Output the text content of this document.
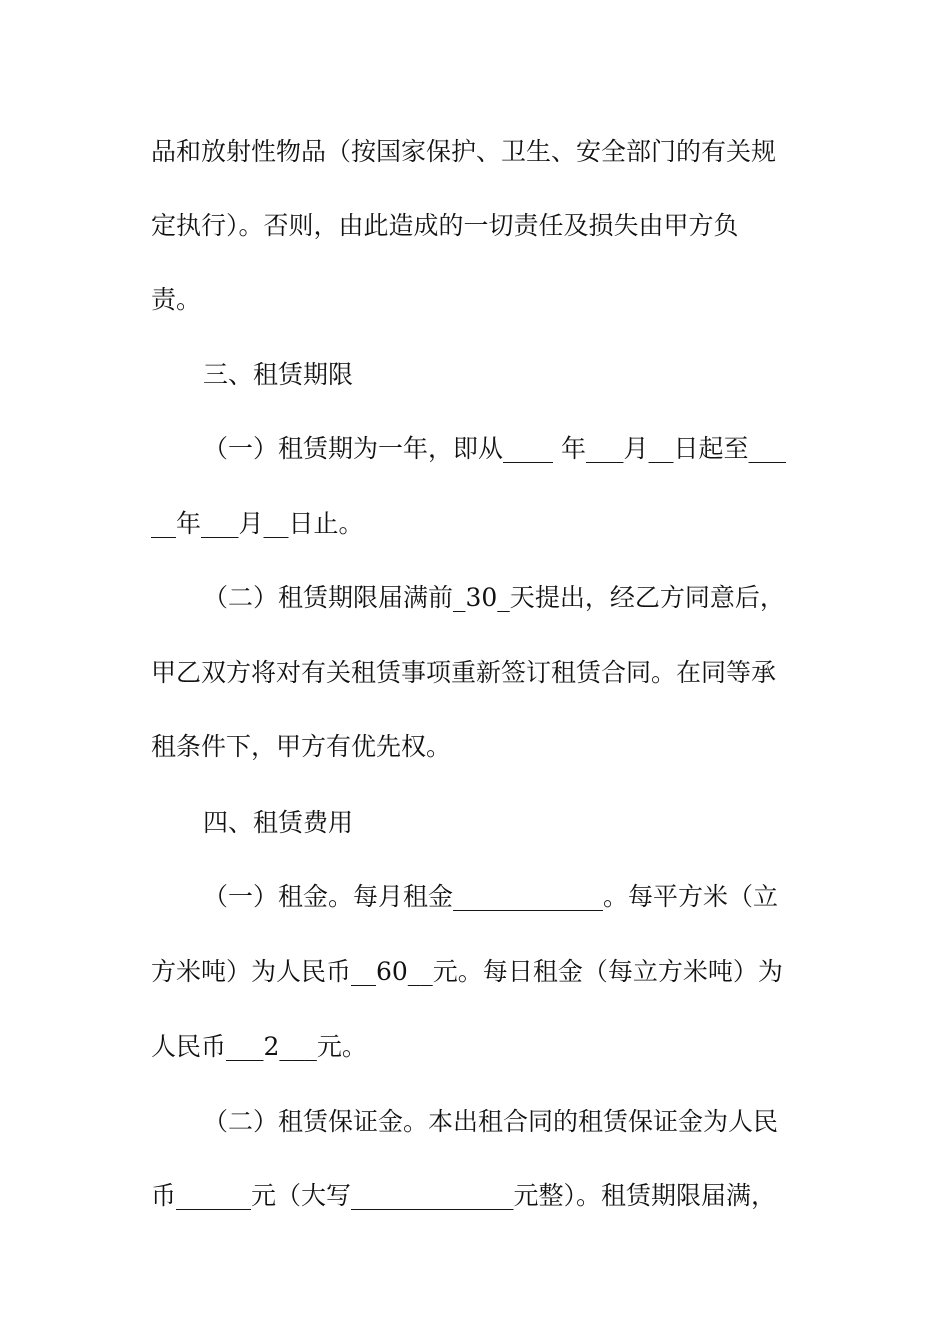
品和放射性物品（按国家保护、卫生、安全部门的有关规
定执行）。否则，由此造成的一切责任及损失由甲方负
责。
三、租赁期限
（一）租赁期为一年，即从____ 年___月__日起至___
__年___月__日止。
（二）租赁期限届满前_30_天提出，经乙方同意后，
甲乙双方将对有关租赁事项重新签订租赁合同。在同等承
租条件下，甲方有优先权。
四、租赁费用
（一）租金。每月租金____________。每平方米（立
方米吨）为人民币__60__元。每日租金（每立方米吨）为
人民币___2___元。
（二）租赁保证金。本出租合同的租赁保证金为人民
币______元（大写_____________元整）。租赁期限届满，
